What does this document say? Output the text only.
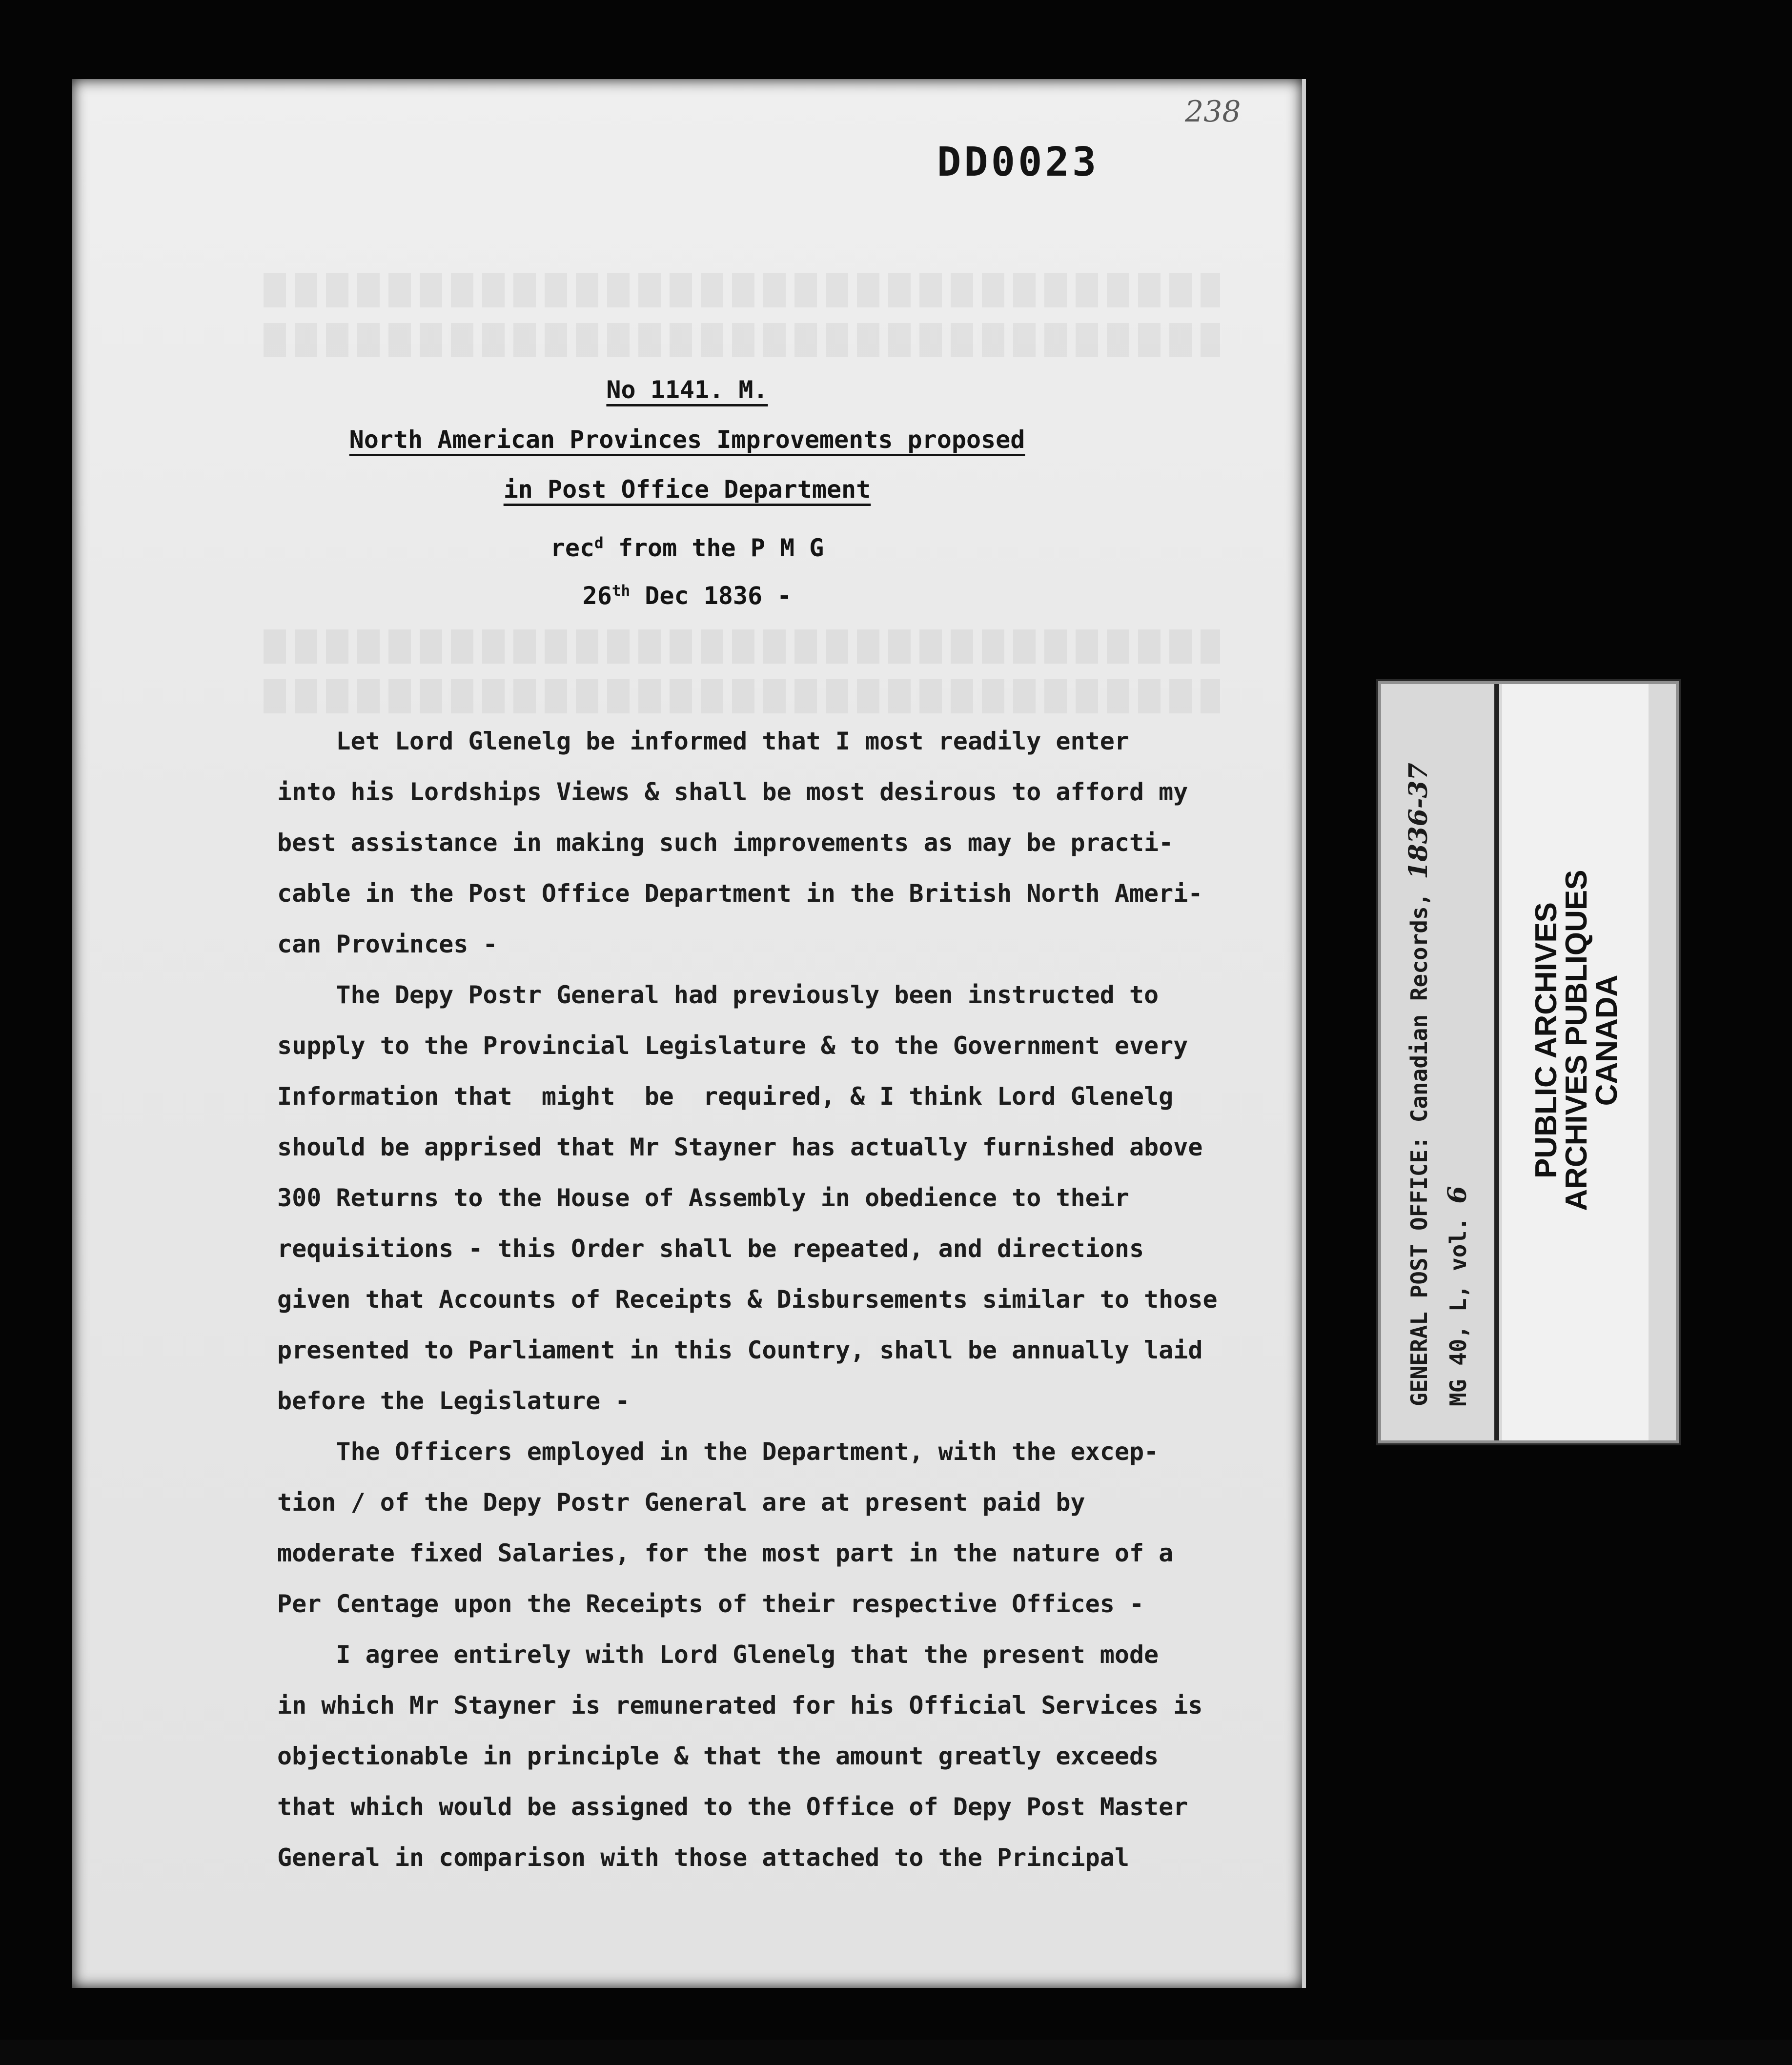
238
DD0023
No 1141. M.
North American Provinces Improvements proposed
in Post Office Department
rec$^d$ from the P M G
26th Dec 1836 -
Let Lord Glenelg be informed that I most readily enter
into his Lordships Views & shall be most desirous to afford my
best assistance in making such improvements as may be practi-
cable in the Post Office Department in the British North Ameri-
can Provinces -
The Depy Postr General had previously been instructed to
supply to the Provincial Legislature & to the Government every
Information that  might  be  required, & I think Lord Glenelg
should be apprised that Mr Stayner has actually furnished above
300 Returns to the House of Assembly in obedience to their
requisitions - this Order shall be repeated, and directions
given that Accounts of Receipts & Disbursements similar to those
presented to Parliament in this Country, shall be annually laid
before the Legislature -
The Officers employed in the Department, with the excep-
tion / of the Depy Postr General are at present paid by
moderate fixed Salaries, for the most part in the nature of a
Per Centage upon the Receipts of their respective Offices -
I agree entirely with Lord Glenelg that the present mode
in which Mr Stayner is remunerated for his Official Services is
objectionable in principle & that the amount greatly exceeds
that which would be assigned to the Office of Depy Post Master
General in comparison with those attached to the Principal
GENERAL POST OFFICE: Canadian Records, 1836-37
MG 40, L, vol. 6
PUBLIC ARCHIVES
ARCHIVES PUBLIQUES
CANADA
